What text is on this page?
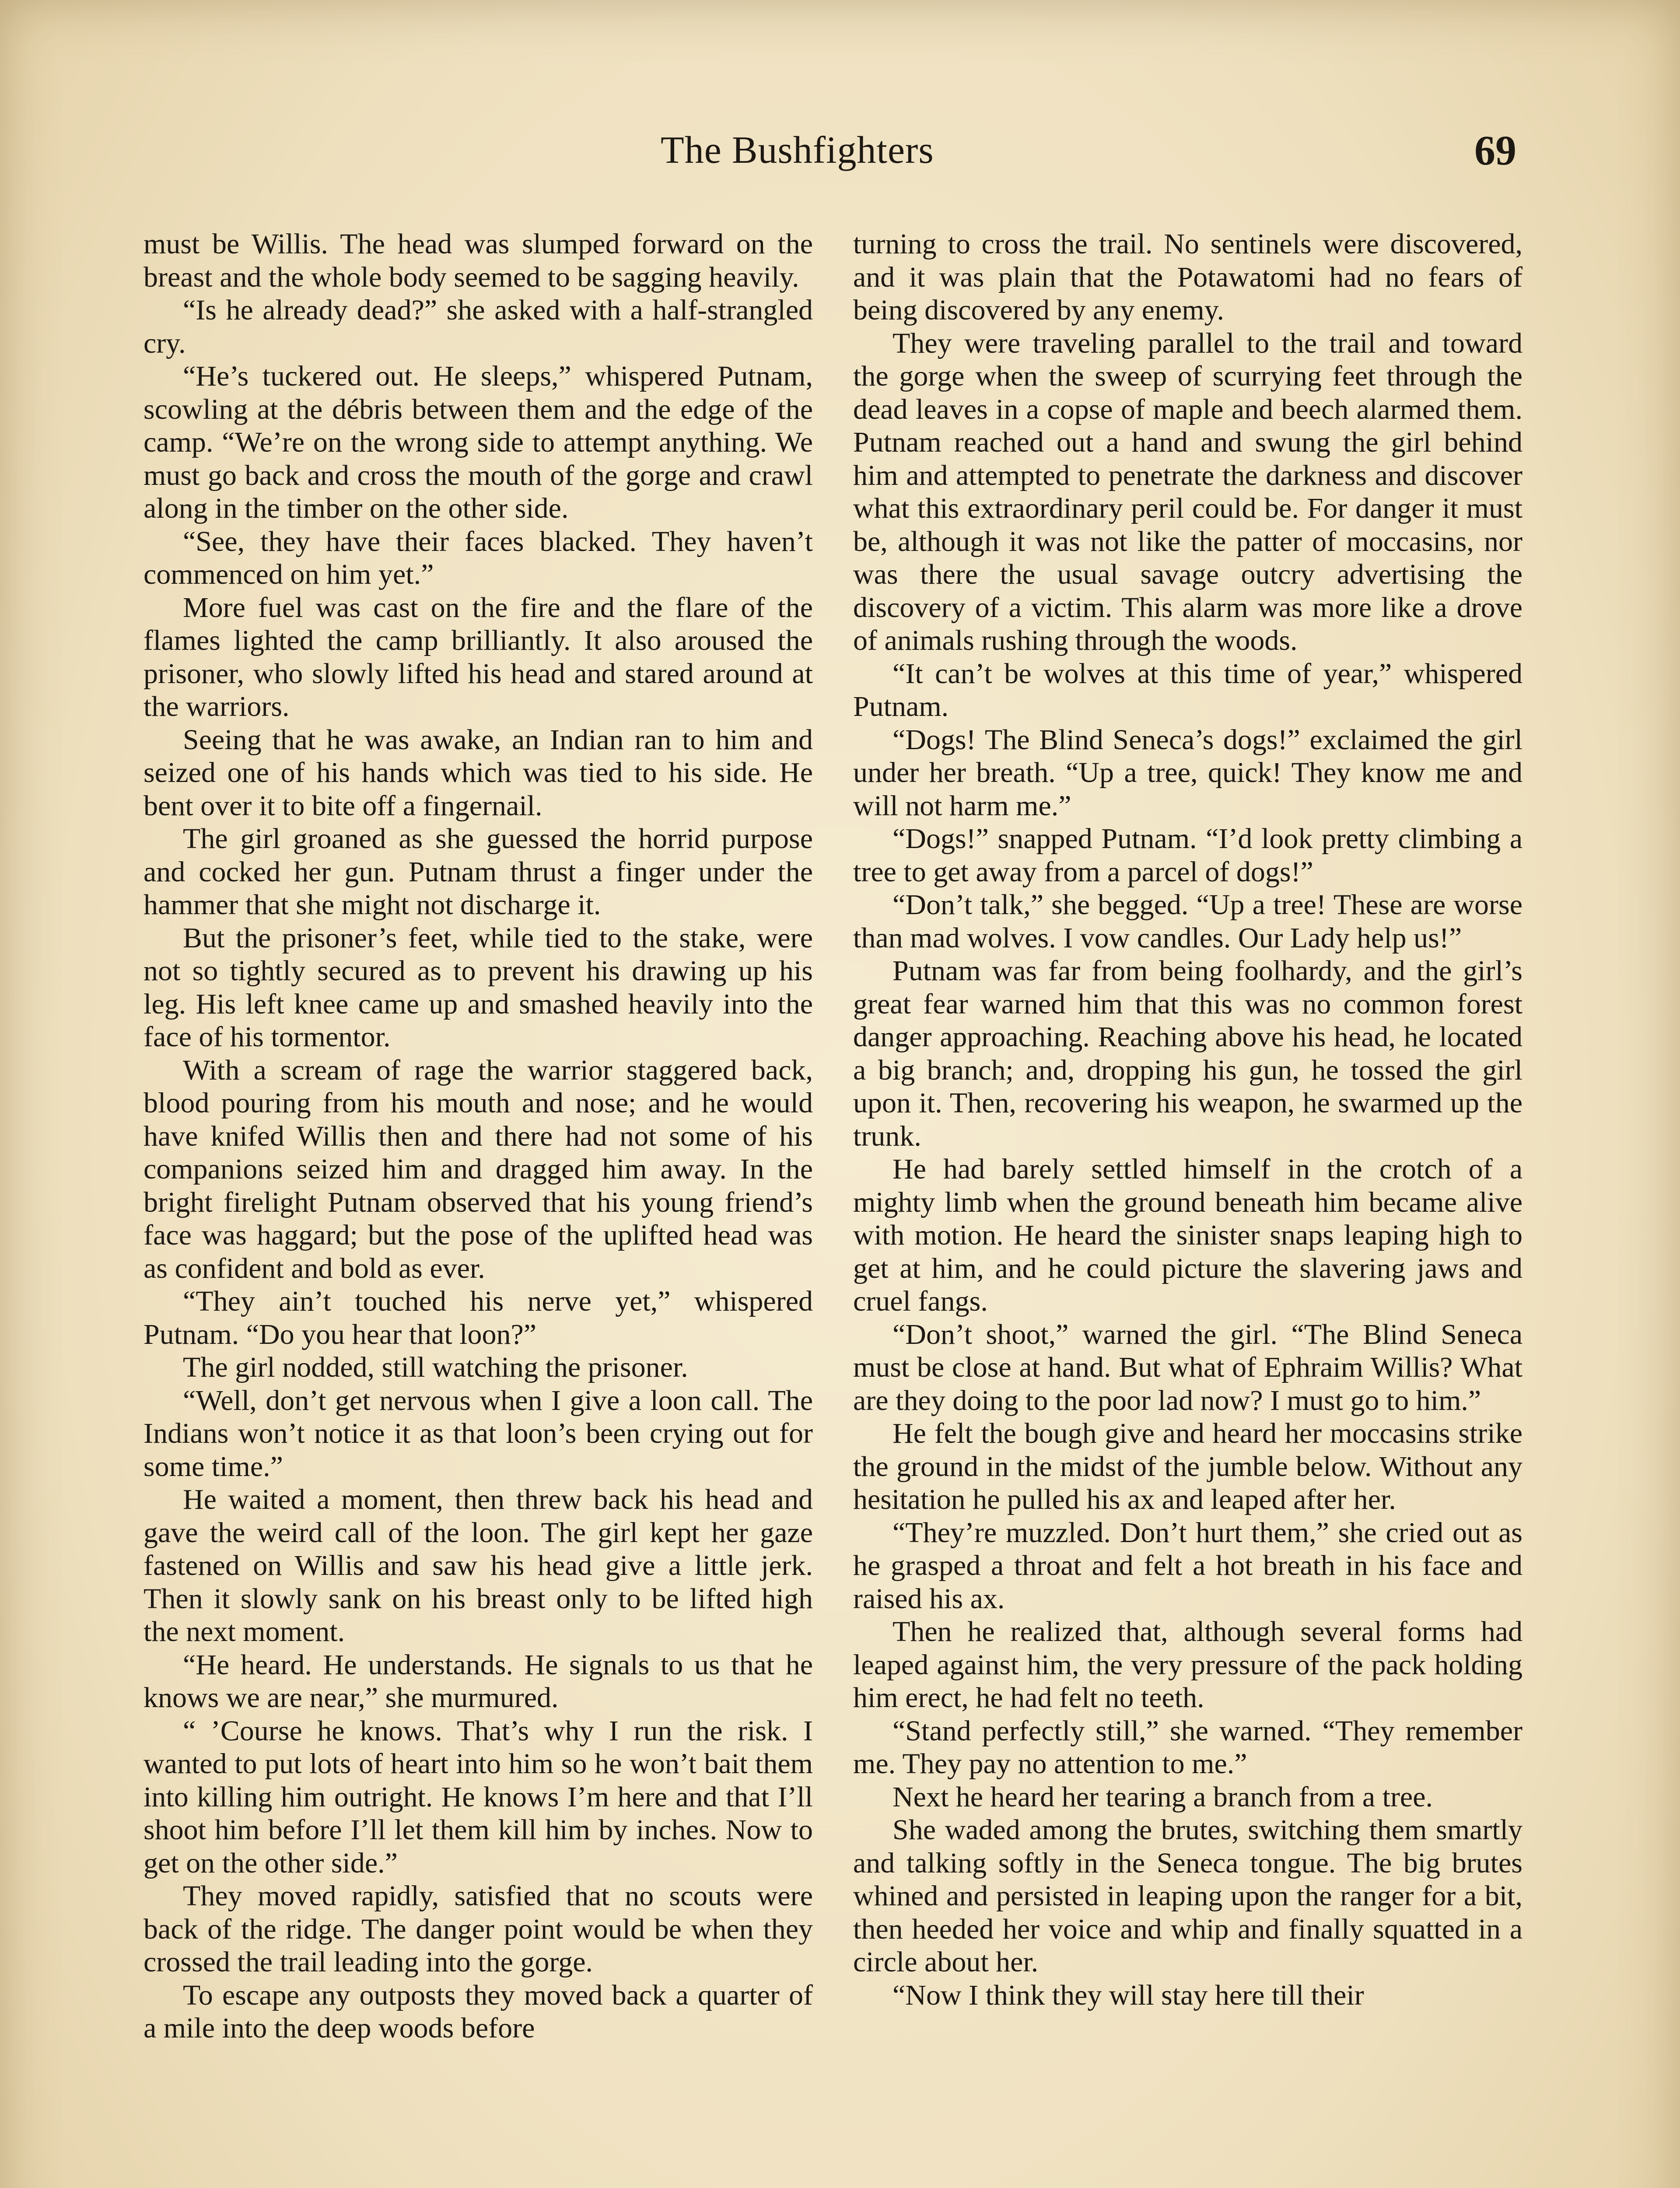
The Bushfighters	69

must be Willis. The head was slumped forward on the breast and the whole body seemed to be sagging heavily.

“Is he already dead?” she asked with a half-strangled cry.

“He’s tuckered out. He sleeps,” whispered Putnam, scowling at the débris between them and the edge of the camp. “We’re on the wrong side to attempt anything. We must go back and cross the mouth of the gorge and crawl along in the timber on the other side.

“See, they have their faces blacked. They haven’t commenced on him yet.”

More fuel was cast on the fire and the flare of the flames lighted the camp brilliantly. It also aroused the prisoner, who slowly lifted his head and stared around at the warriors.

Seeing that he was awake, an Indian ran to him and seized one of his hands which was tied to his side. He bent over it to bite off a fingernail.

The girl groaned as she guessed the horrid purpose and cocked her gun. Putnam thrust a finger under the hammer that she might not discharge it.

But the prisoner’s feet, while tied to the stake, were not so tightly secured as to prevent his drawing up his leg. His left knee came up and smashed heavily into the face of his tormentor.

With a scream of rage the warrior staggered back, blood pouring from his mouth and nose; and he would have knifed Willis then and there had not some of his companions seized him and dragged him away. In the bright firelight Putnam observed that his young friend’s face was haggard; but the pose of the uplifted head was as confident and bold as ever.

“They ain’t touched his nerve yet,” whispered Putnam. “Do you hear that loon?”

The girl nodded, still watching the prisoner.

“Well, don’t get nervous when I give a loon call. The Indians won’t notice it as that loon’s been crying out for some time.”

He waited a moment, then threw back his head and gave the weird call of the loon. The girl kept her gaze fastened on Willis and saw his head give a little jerk. Then it slowly sank on his breast only to be lifted high the next moment.

“He heard. He understands. He signals to us that he knows we are near,” she murmured.

“ ’Course he knows. That’s why I run the risk. I wanted to put lots of heart into him so he won’t bait them into killing him outright. He knows I’m here and that I’ll shoot him before I’ll let them kill him by inches. Now to get on the other side.”

They moved rapidly, satisfied that no scouts were back of the ridge. The danger point would be when they crossed the trail leading into the gorge.

To escape any outposts they moved back a quarter of a mile into the deep woods before

turning to cross the trail. No sentinels were discovered, and it was plain that the Potawatomi had no fears of being discovered by any enemy.

They were traveling parallel to the trail and toward the gorge when the sweep of scurrying feet through the dead leaves in a copse of maple and beech alarmed them. Putnam reached out a hand and swung the girl behind him and attempted to penetrate the darkness and discover what this extraordinary peril could be. For danger it must be, although it was not like the patter of moccasins, nor was there the usual savage outcry advertising the discovery of a victim. This alarm was more like a drove of animals rushing through the woods.

“It can’t be wolves at this time of year,” whispered Putnam.

“Dogs! The Blind Seneca’s dogs!” exclaimed the girl under her breath. “Up a tree, quick! They know me and will not harm me.”

“Dogs!” snapped Putnam. “I’d look pretty climbing a tree to get away from a parcel of dogs!”

“Don’t talk,” she begged. “Up a tree! These are worse than mad wolves. I vow candles. Our Lady help us!”

Putnam was far from being foolhardy, and the girl’s great fear warned him that this was no common forest danger approaching. Reaching above his head, he located a big branch; and, dropping his gun, he tossed the girl upon it. Then, recovering his weapon, he swarmed up the trunk.

He had barely settled himself in the crotch of a mighty limb when the ground beneath him became alive with motion. He heard the sinister snaps leaping high to get at him, and he could picture the slavering jaws and cruel fangs.

“Don’t shoot,” warned the girl. “The Blind Seneca must be close at hand. But what of Ephraim Willis? What are they doing to the poor lad now? I must go to him.”

He felt the bough give and heard her moccasins strike the ground in the midst of the jumble below. Without any hesitation he pulled his ax and leaped after her.

“They’re muzzled. Don’t hurt them,” she cried out as he grasped a throat and felt a hot breath in his face and raised his ax.

Then he realized that, although several forms had leaped against him, the very pressure of the pack holding him erect, he had felt no teeth.

“Stand perfectly still,” she warned. “They remember me. They pay no attention to me.”

Next he heard her tearing a branch from a tree.

She waded among the brutes, switching them smartly and talking softly in the Seneca tongue. The big brutes whined and persisted in leaping upon the ranger for a bit, then heeded her voice and whip and finally squatted in a circle about her.

“Now I think they will stay here till their
